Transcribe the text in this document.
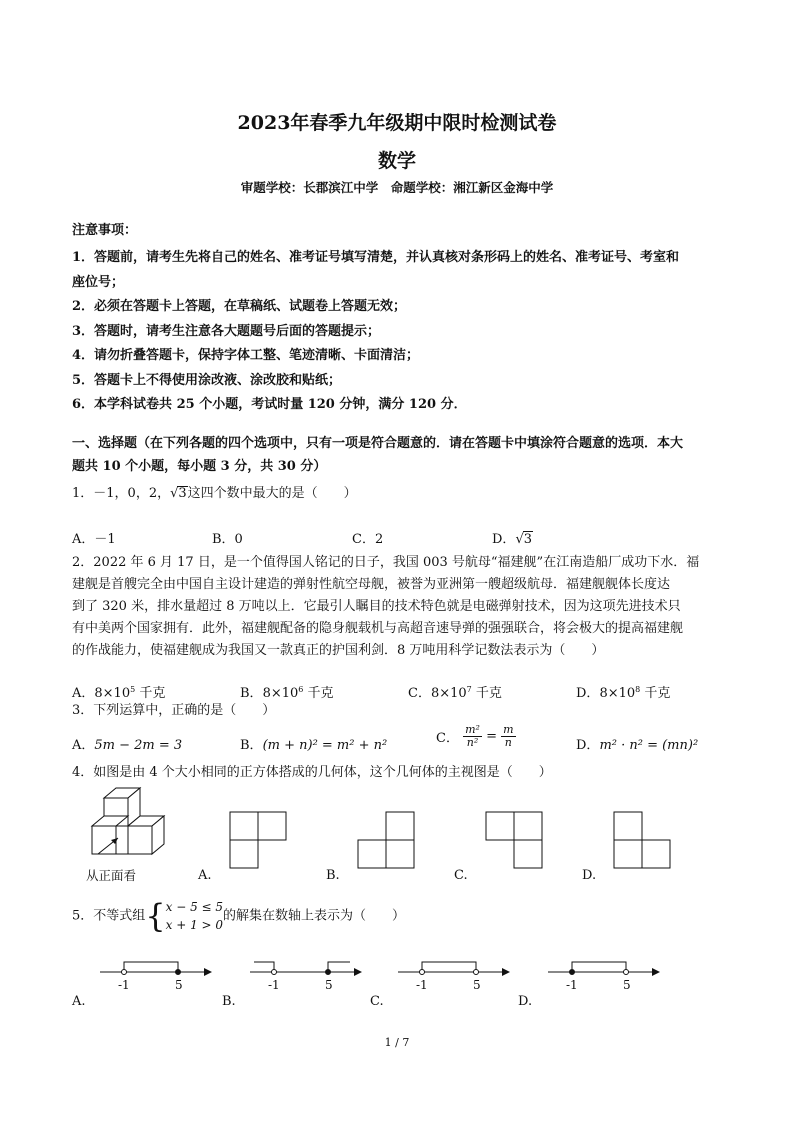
2023年春季九年级期中限时检测试卷
数学
审题学校：长郡滨江中学　命题学校：湘江新区金海中学
注意事项：
1．答题前，请考生先将自己的姓名、准考证号填写清楚，并认真核对条形码上的姓名、准考证号、考室和
座位号；
2．必须在答题卡上答题，在草稿纸、试题卷上答题无效；
3．答题时，请考生注意各大题题号后面的答题提示；
4．请勿折叠答题卡，保持字体工整、笔迹清晰、卡面清洁；
5．答题卡上不得使用涂改液、涂改胶和贴纸；
6．本学科试卷共 25 个小题，考试时量 120 分钟，满分 120 分．
一、选择题（在下列各题的四个选项中，只有一项是符合题意的．请在答题卡中填涂符合题意的选项．本大
题共 10 个小题，每小题 3 分，共 30 分）
1．－1，0，2，√3这四个数中最大的是（　　）
A．－1	B．0	C．2	D．√3
2．2022 年 6 月 17 日，是一个值得国人铭记的日子，我国 003 号航母“福建舰”在江南造船厂成功下水．福
建舰是首艘完全由中国自主设计建造的弹射性航空母舰，被誉为亚洲第一艘超级航母．福建舰舰体长度达
到了 320 米，排水量超过 8 万吨以上．它最引人瞩目的技术特色就是电磁弹射技术，因为这项先进技术只
有中美两个国家拥有．此外，福建舰配备的隐身舰载机与高超音速导弹的强强联合，将会极大的提高福建舰
的作战能力，使福建舰成为我国又一款真正的护国利剑．8 万吨用科学记数法表示为（　　）
A．$8\times 10^5$ 千克	B．$8\times 10^6$ 千克	C．$8\times 10^7$ 千克	D．$8\times 10^8$ 千克
3．下列运算中，正确的是（　　）
A．5m − 2m = 3	B．(m + n)² = m² + n²	C． $\frac{\text{m²}}{\text{n²}} = \frac{m}{n}$	D．m² · n² = (mn)²
4．如图是由 4 个大小相同的正方体搭成的几何体，这个几何体的主视图是（　　）
从正面看	A.	B.	C.	D.
5．不等式组{ x − 5 ≤ 5
x + 1 > 0
的解集在数轴上表示为（　　）
-1	5
A.
-1	5
B.
-1	5
C.
-1	5
D.
1 / 7
